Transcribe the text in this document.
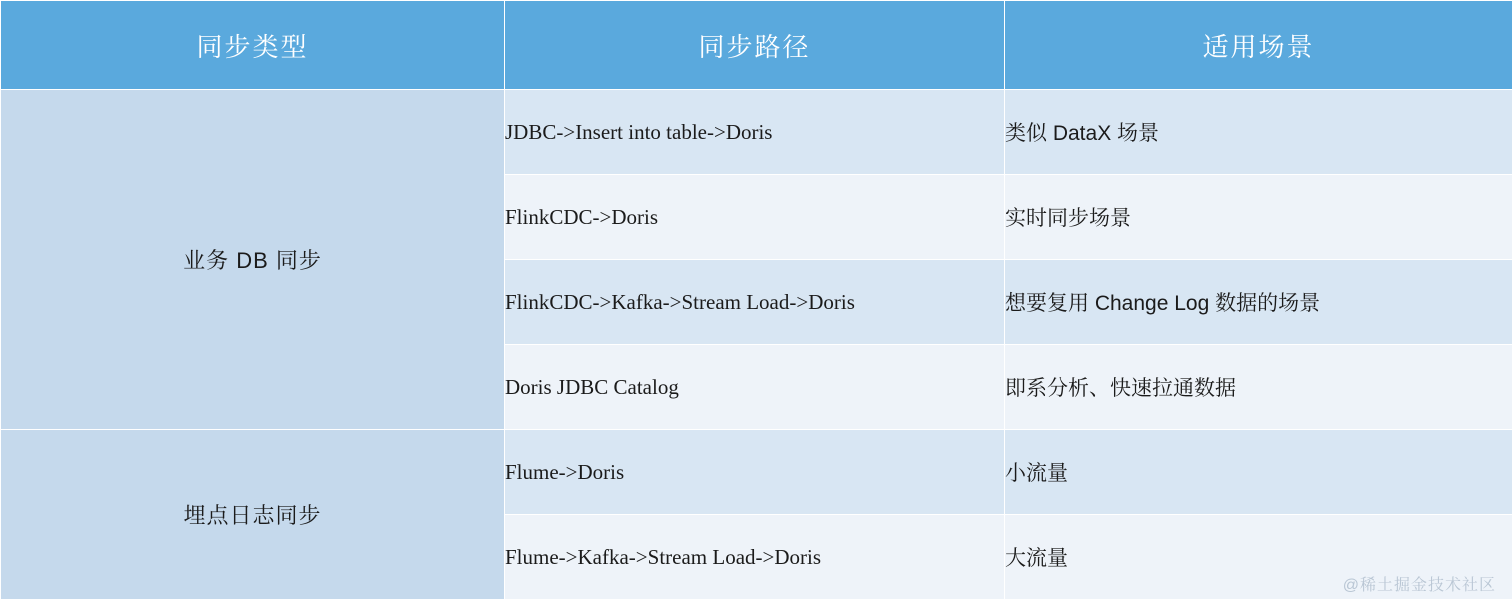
同步类型	同步路径	适用场景
业务 DB 同步	JDBC->Insert into table->Doris	类似 DataX 场景
	FlinkCDC->Doris	实时同步场景
	FlinkCDC->Kafka->Stream Load->Doris	想要复用 Change Log 数据的场景
	Doris JDBC Catalog	即系分析、快速拉通数据
埋点日志同步	Flume->Doris	小流量
	Flume->Kafka->Stream Load->Doris	大流量
@稀土掘金技术社区
